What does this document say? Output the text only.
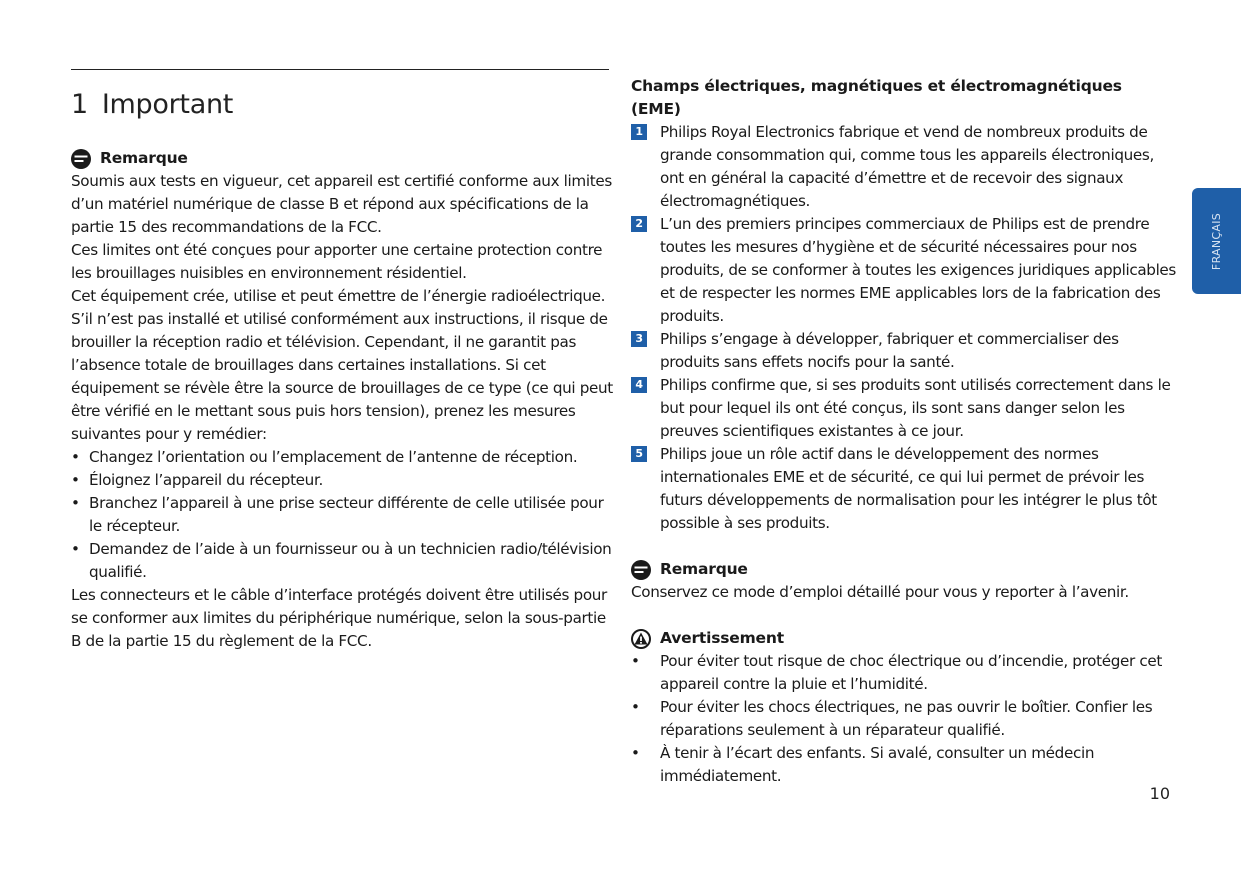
1 Important
Remarque

Soumis aux tests en vigueur, cet appareil est certifié conforme aux limites d’un matériel numérique de classe B et répond aux spécifications de la partie 15 des recommandations de la FCC.

Ces limites ont été conçues pour apporter une certaine protection contre les brouillages nuisibles en environnement résidentiel.

Cet équipement crée, utilise et peut émettre de l’énergie radioélectrique. S’il n’est pas installé et utilisé conformément aux instructions, il risque de brouiller la réception radio et télévision. Cependant, il ne garantit pas l’absence totale de brouillages dans certaines installations. Si cet équipement se révèle être la source de brouillages de ce type (ce qui peut être vérifié en le mettant sous puis hors tension), prenez les mesures suivantes pour y remédier:

• Changez l’orientation ou l’emplacement de l’antenne de réception.
• Éloignez l’appareil du récepteur.
• Branchez l’appareil à une prise secteur différente de celle utilisée pour le récepteur.
• Demandez de l’aide à un fournisseur ou à un technicien radio/télévision qualifié.

Les connecteurs et le câble d’interface protégés doivent être utilisés pour se conformer aux limites du périphérique numérique, selon la sous-partie B de la partie 15 du règlement de la FCC.

Champs électriques, magnétiques et électromagnétiques (EME)
1 Philips Royal Electronics fabrique et vend de nombreux produits de grande consommation qui, comme tous les appareils électroniques, ont en général la capacité d’émettre et de recevoir des signaux électromagnétiques.
2 L’un des premiers principes commerciaux de Philips est de prendre toutes les mesures d’hygiène et de sécurité nécessaires pour nos produits, de se conformer à toutes les exigences juridiques applicables et de respecter les normes EME applicables lors de la fabrication des produits.
3 Philips s’engage à développer, fabriquer et commercialiser des produits sans effets nocifs pour la santé.
4 Philips confirme que, si ses produits sont utilisés correctement dans le but pour lequel ils ont été conçus, ils sont sans danger selon les preuves scientifiques existantes à ce jour.
5 Philips joue un rôle actif dans le développement des normes internationales EME et de sécurité, ce qui lui permet de prévoir les futurs développements de normalisation pour les intégrer le plus tôt possible à ses produits.
Remarque

Conservez ce mode d’emploi détaillé pour vous y reporter à l’avenir.

Avertissement
• Pour éviter tout risque de choc électrique ou d’incendie, protéger cet appareil contre la pluie et l’humidité.
• Pour éviter les chocs électriques, ne pas ouvrir le boîtier. Confier les réparations seulement à un réparateur qualifié.
• À tenir à l’écart des enfants. Si avalé, consulter un médecin immédiatement.
FRANÇAIS
10
